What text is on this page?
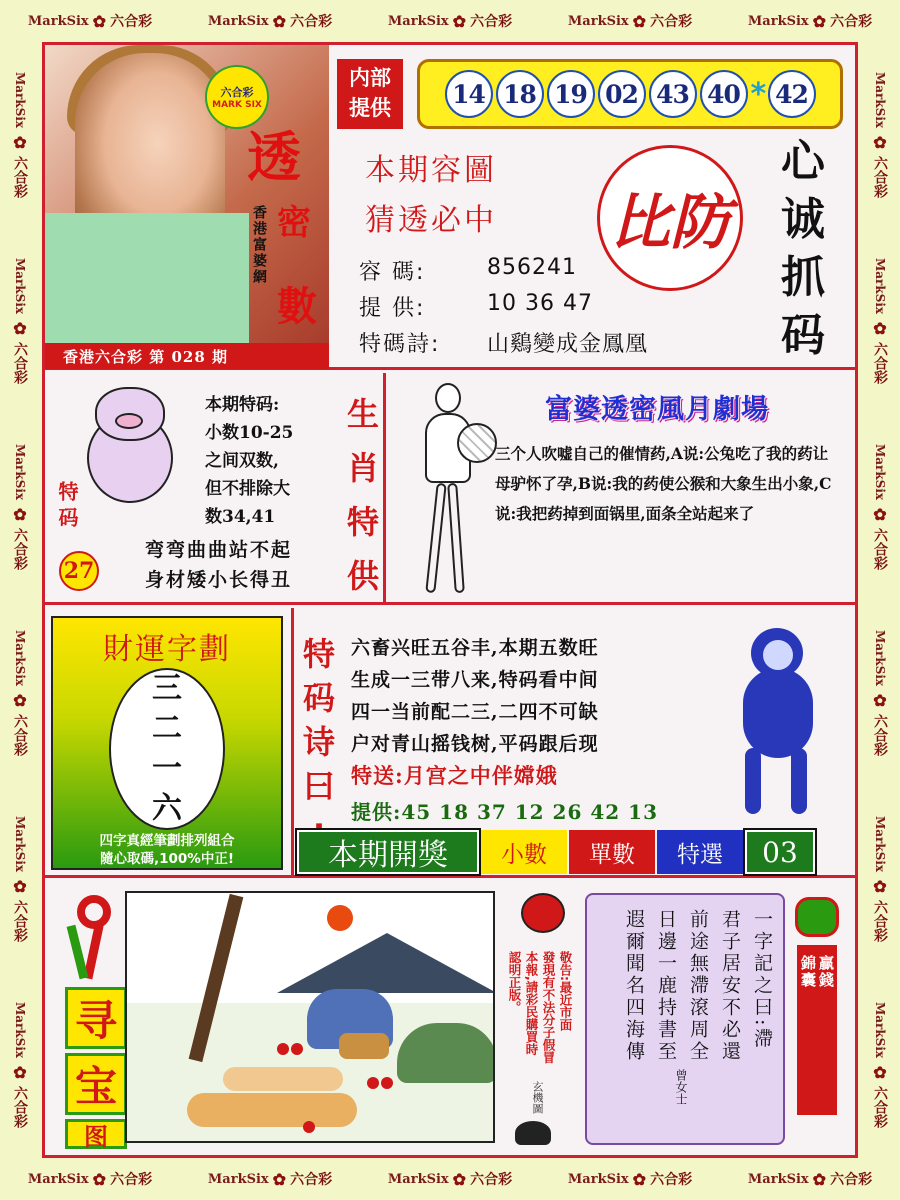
MarkSix ✿ 六合彩	MarkSix ✿ 六合彩	MarkSix ✿ 六合彩	MarkSix ✿ 六合彩	MarkSix ✿ 六合彩
MarkSix ✿ 六合彩	MarkSix ✿ 六合彩	MarkSix ✿ 六合彩	MarkSix ✿ 六合彩	MarkSix ✿ 六合彩
MarkSix
✿
六合彩
MarkSix
✿
六合彩
MarkSix
✿
六合彩
MarkSix
✿
六合彩
MarkSix
✿
六合彩
MarkSix
✿
六合彩
MarkSix
✿
六合彩
MarkSix
✿
六合彩
MarkSix
✿
六合彩
MarkSix
✿
六合彩
MarkSix
✿
六合彩
MarkSix
✿
六合彩
六合彩
MARK SIX
透
香港富婆網 密
數
香港六合彩 第 028 期
内部
提供	14 18 19 02 43 40 * 42
本期容圖
猜透必中
容 碼:	856241
提 供:	10 36 47
特碼詩:	山鷄變成金鳳凰
比防
心
诚
抓
码
特码
27
本期特码:
小数10-25
之间双数,
但不排除大
数34,41
弯弯曲曲站不起
身材矮小长得丑
生
肖
特
供
富婆透密風月劇場
三个人吹嘘自己的催情药,A说:公兔吃了我的药让母驴怀了孕,B说:我的药使公猴和大象生出小象,C说:我把药掉到面锅里,面条全站起来了
財運字劃
三
二
一
六
四字真經筆劃排列組合
隨心取碼,100%中正!
特
码
诗
曰
六畜兴旺五谷丰,本期五数旺
生成一三带八来,特码看中间
四一当前配二三,二四不可缺
户对青山摇钱树,平码跟后现
特送:月宫之中伴嫦娥
提供:45 18 37 12 26 42 13
本期開獎	小數	單數	特選	03
寻
宝
图
敬告:最近市面
發現有不法分子假冒
本報,請彩民購買時
認明正版。
玄機圖
一字記之曰:滯
君子居安不必還
前途無滯滾周全
日邊一鹿持書至
遐爾聞名四海傳
曾女士
贏錢
錦囊
